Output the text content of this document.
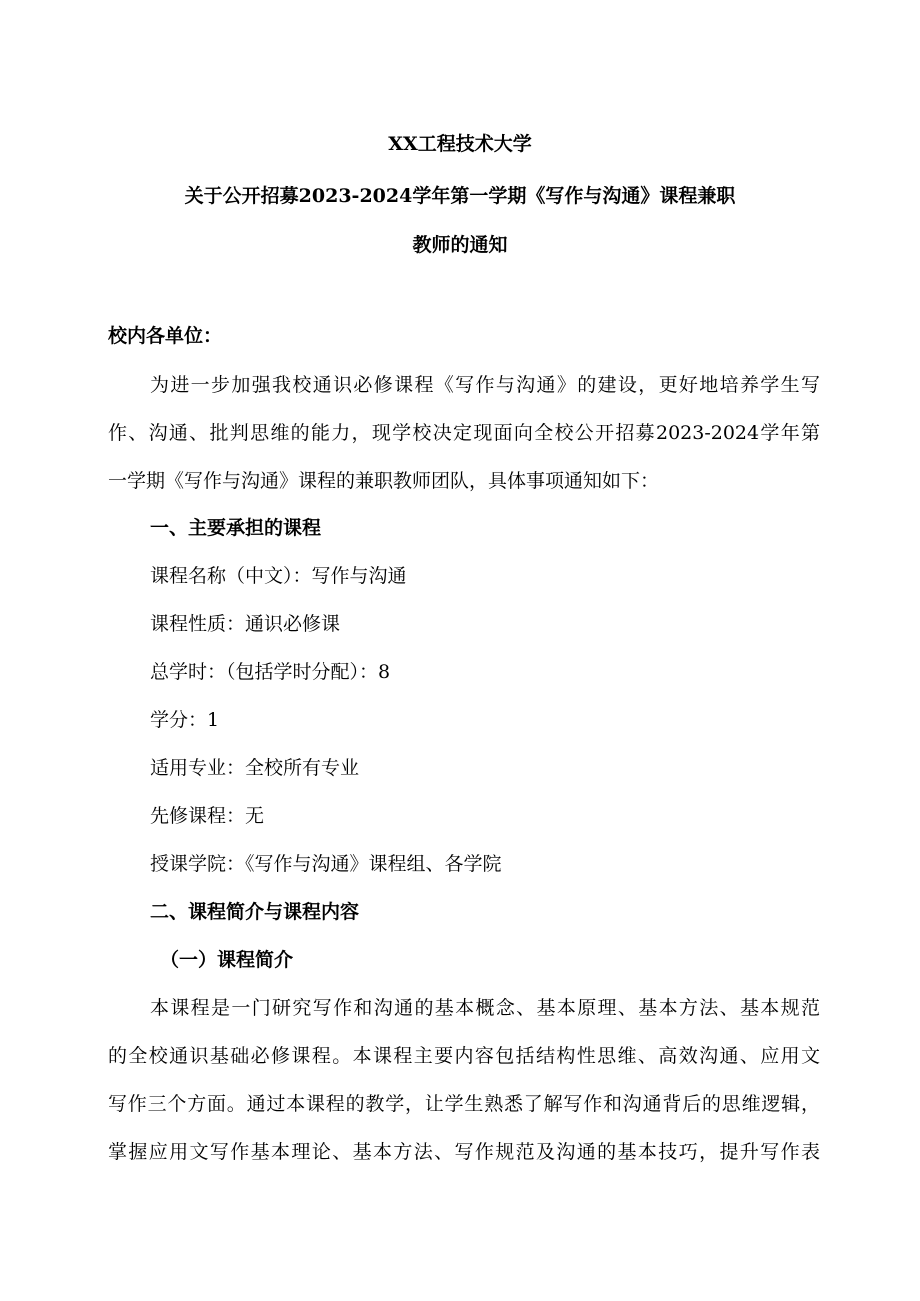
XX工程技术大学
关于公开招募2023-2024学年第一学期《写作与沟通》课程兼职
教师的通知
校内各单位：
为进一步加强我校通识必修课程《写作与沟通》的建设，更好地培养学生写
作、沟通、批判思维的能力，现学校决定现面向全校公开招募2023-2024学年第
一学期《写作与沟通》课程的兼职教师团队，具体事项通知如下：
一、主要承担的课程
课程名称（中文）：写作与沟通
课程性质：通识必修课
总学时：（包括学时分配）：8
学分：1
适用专业：全校所有专业
先修课程：无
授课学院：《写作与沟通》课程组、各学院
二、课程简介与课程内容
（一）课程简介
本课程是一门研究写作和沟通的基本概念、基本原理、基本方法、基本规范
的全校通识基础必修课程。本课程主要内容包括结构性思维、高效沟通、应用文
写作三个方面。通过本课程的教学，让学生熟悉了解写作和沟通背后的思维逻辑，
掌握应用文写作基本理论、基本方法、写作规范及沟通的基本技巧，提升写作表
